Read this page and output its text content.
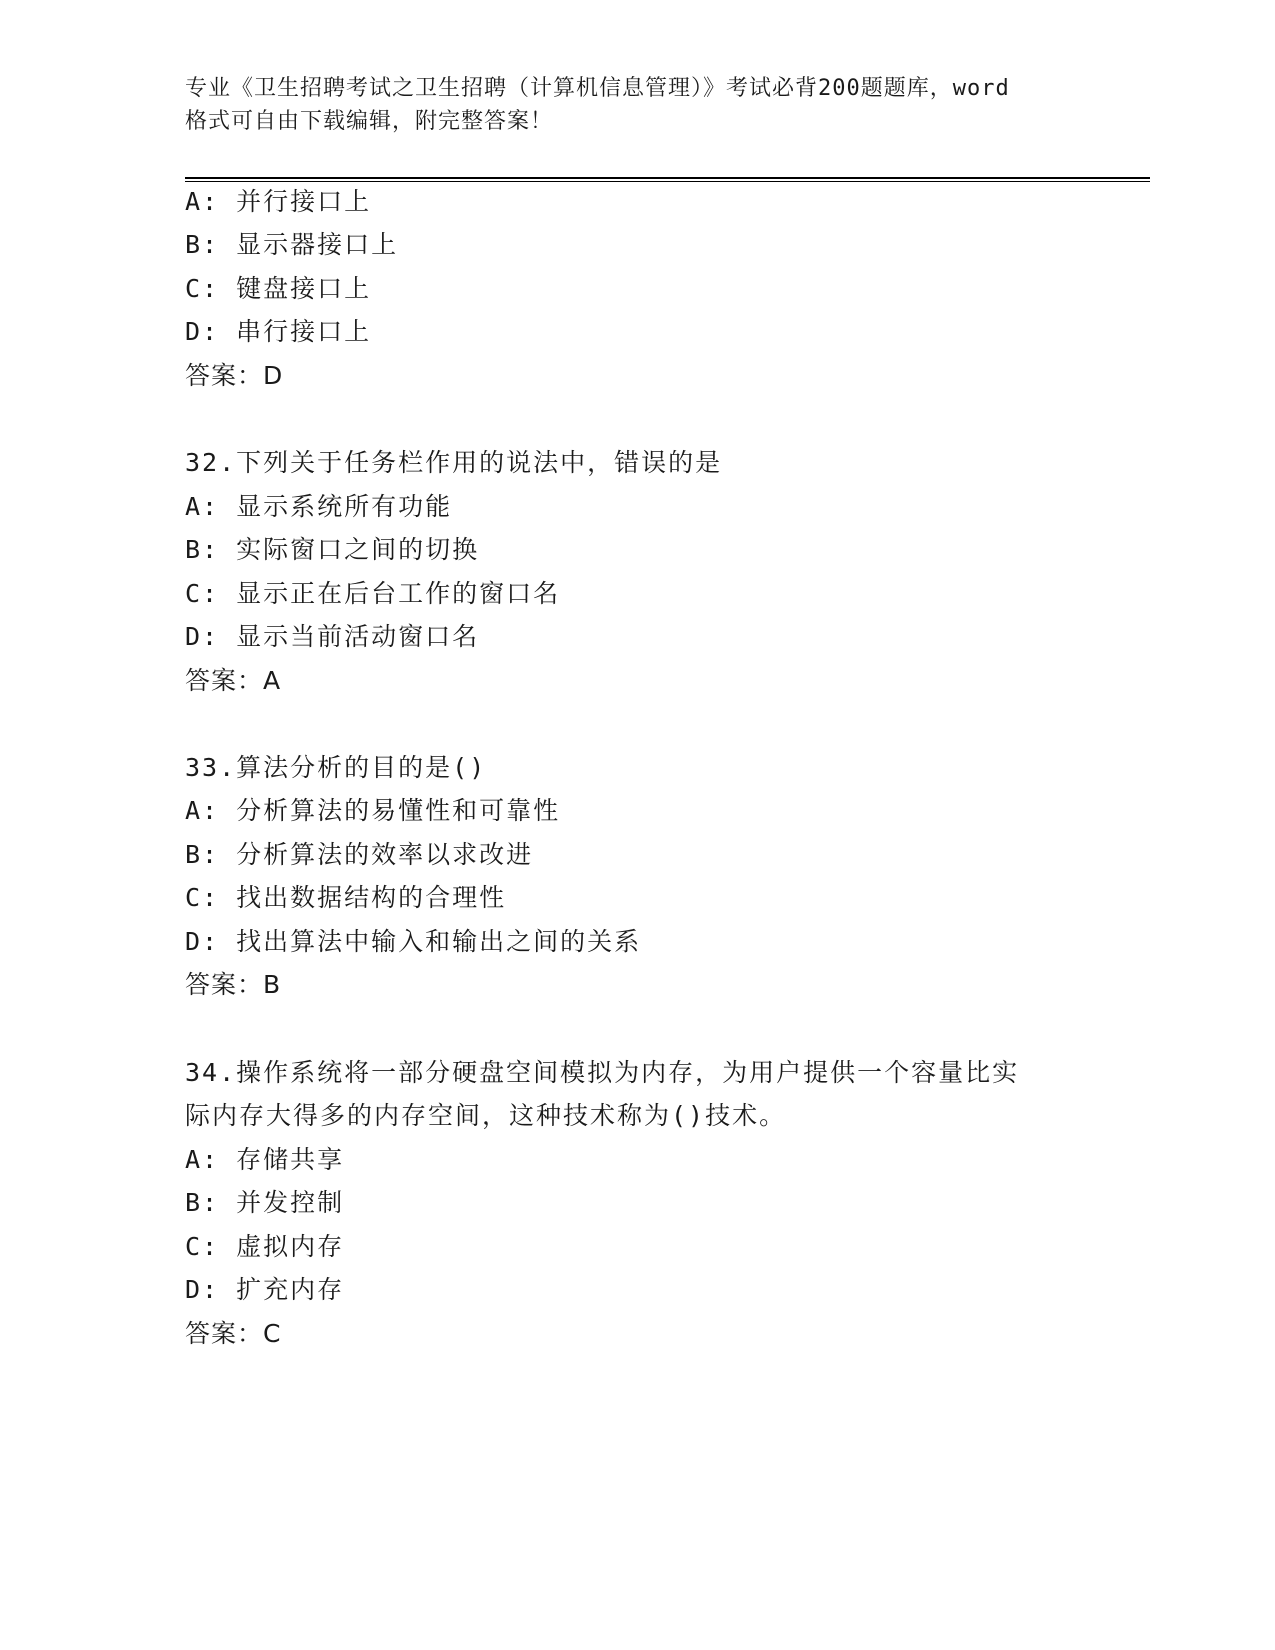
专业《卫生招聘考试之卫生招聘（计算机信息管理）》考试必背200题题库，word
格式可自由下载编辑，附完整答案！
A: 并行接口上
B: 显示器接口上
C: 键盘接口上
D: 串行接口上
答案：D
32.下列关于任务栏作用的说法中，错误的是
A: 显示系统所有功能
B: 实际窗口之间的切换
C: 显示正在后台工作的窗口名
D: 显示当前活动窗口名
答案：A
33.算法分析的目的是()
A: 分析算法的易懂性和可靠性
B: 分析算法的效率以求改进
C: 找出数据结构的合理性
D: 找出算法中输入和输出之间的关系
答案：B
34.操作系统将一部分硬盘空间模拟为内存，为用户提供一个容量比实
际内存大得多的内存空间，这种技术称为()技术。
A: 存储共享
B: 并发控制
C: 虚拟内存
D: 扩充内存
答案：C
